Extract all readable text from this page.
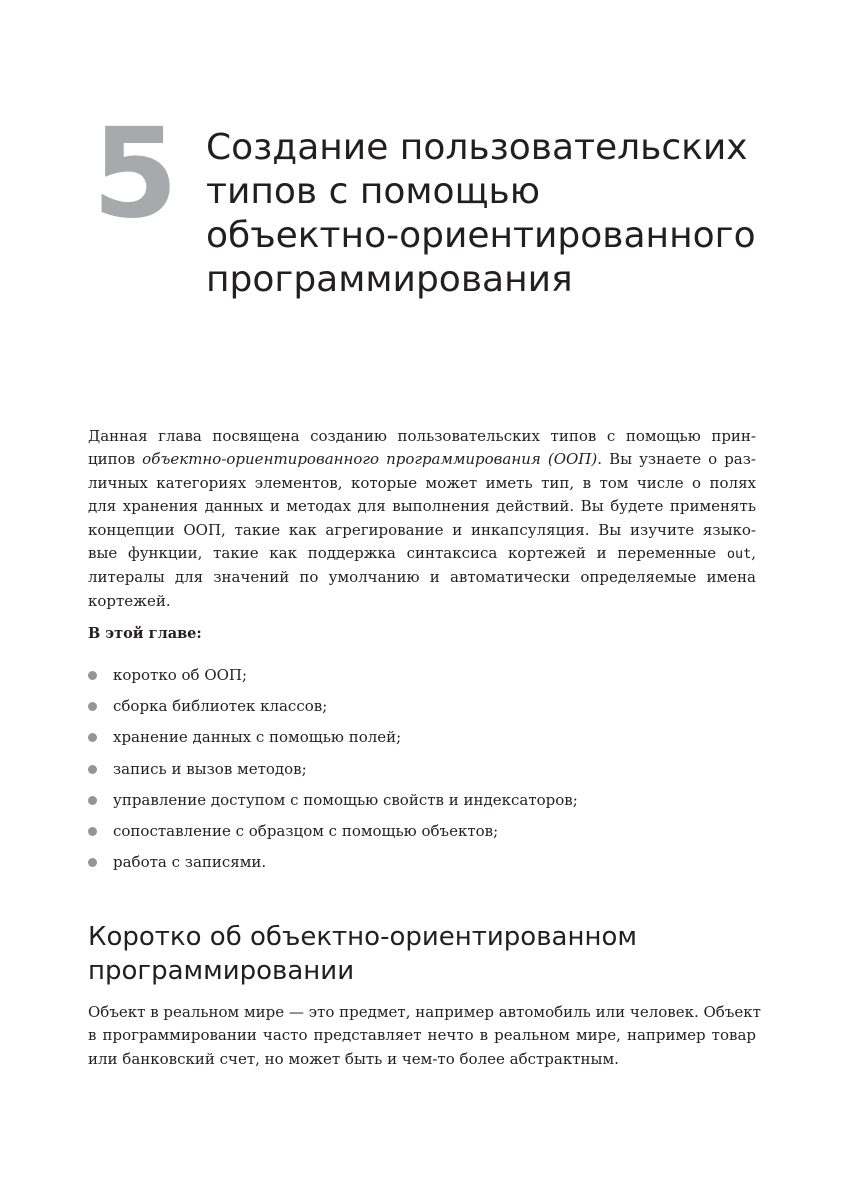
5 Создание пользовательских
типов с помощью
объектно-ориентированного
программирования

Данная глава посвящена созданию пользовательских типов с помощью прин-
ципов объектно-ориентированного программирования (ООП). Вы узнаете о раз-
личных категориях элементов, которые может иметь тип, в том числе о полях
для хранения данных и методах для выполнения действий. Вы будете применять
концепции ООП, такие как агрегирование и инкапсуляция. Вы изучите языко-
вые функции, такие как поддержка синтаксиса кортежей и переменные out,
литералы для значений по умолчанию и автоматически определяемые имена
кортежей.

В этой главе:
коротко об ООП;
сборка библиотек классов;
хранение данных с помощью полей;
запись и вызов методов;
управление доступом с помощью свойств и индексаторов;
сопоставление с образцом с помощью объектов;
работа с записями.
Коротко об объектно-ориентированном
программировании

Объект в реальном мире — это предмет, например автомобиль или человек. Объект
в программировании часто представляет нечто в реальном мире, например товар
или банковский счет, но может быть и чем-то более абстрактным.
